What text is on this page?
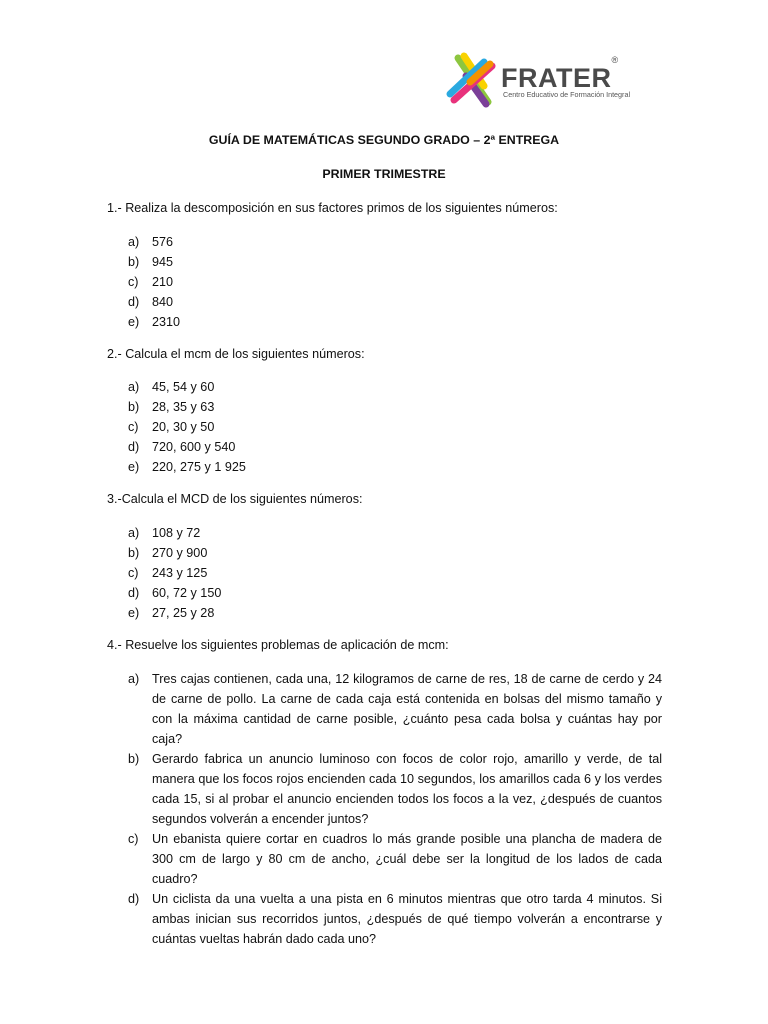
FRATER®
Centro Educativo de Formación Integral
GUÍA DE MATEMÁTICAS SEGUNDO GRADO – 2ª ENTREGA
PRIMER TRIMESTRE
1.- Realiza la descomposición en sus factores primos de los siguientes números:
a) 576
b) 945
c) 210
d) 840
e) 2310
2.- Calcula el mcm de los siguientes números:
a) 45, 54 y 60
b) 28, 35 y 63
c) 20, 30 y 50
d) 720, 600 y 540
e) 220, 275 y 1 925
3.-Calcula el MCD de los siguientes números:
a) 108 y 72
b) 270 y 900
c) 243 y 125
d) 60, 72 y 150
e) 27, 25 y 28
4.- Resuelve los siguientes problemas de aplicación de mcm:
a) Tres cajas contienen, cada una, 12 kilogramos de carne de res, 18 de carne de cerdo y 24 de carne de pollo. La carne de cada caja está contenida en bolsas del mismo tamaño y con la máxima cantidad de carne posible, ¿cuánto pesa cada bolsa y cuántas hay por caja?
b) Gerardo fabrica un anuncio luminoso con focos de color rojo, amarillo y verde, de tal manera que los focos rojos encienden cada 10 segundos, los amarillos cada 6 y los verdes cada 15, si al probar el anuncio encienden todos los focos a la vez, ¿después de cuantos segundos volverán a encender juntos?
c) Un ebanista quiere cortar en cuadros lo más grande posible una plancha de madera de 300 cm de largo y 80 cm de ancho, ¿cuál debe ser la longitud de los lados de cada cuadro?
d) Un ciclista da una vuelta a una pista en 6 minutos mientras que otro tarda 4 minutos. Si ambas inician sus recorridos juntos, ¿después de qué tiempo volverán a encontrarse y cuántas vueltas habrán dado cada uno?
